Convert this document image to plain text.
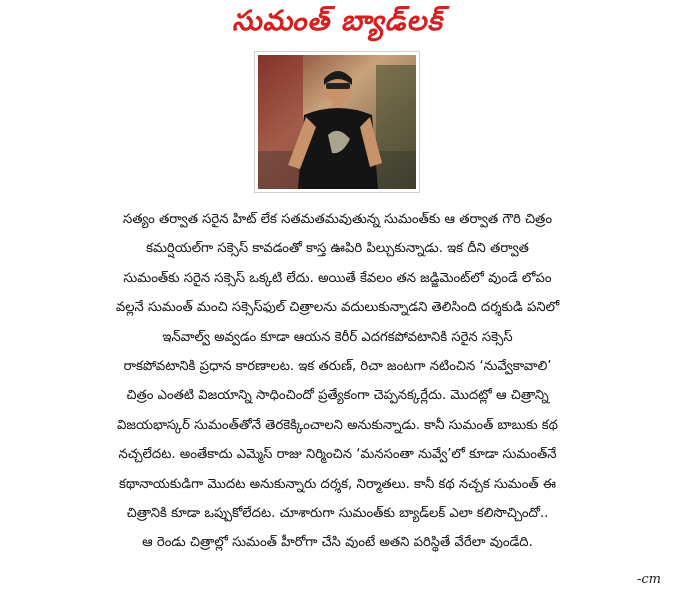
సుమంత్ బ్యాడ్‌లక్
సత్యం తర్వాత సరైన హిట్ లేక సతమతమవుతున్న సుమంత్‌కు ఆ తర్వాత గౌరి చిత్రం
కమర్షియల్‌గా సక్సెస్ కావడంతో కాస్త ఊపిరి పిల్చుకున్నాడు. ఇక దీని తర్వాత
సుమంత్‌కు సరైన సక్సెస్ ఒక్కటి లేదు. అయితే కేవలం తన జడ్జిమెంట్‌లో వుండే లోపం
వల్లనే సుమంత్ మంచి సక్సెస్‌ఫుల్ చిత్రాలను వదులుకున్నాడని తెలిసింది దర్శకుడి పనిలో
ఇన్‌వాల్వ్ అవ్వడం కూడా ఆయన కెరీర్ ఎదగకపోవటానికి సరైన సక్సెస్
రాకపోవటానికి ప్రధాన కారణాలట. ఇక తరుణ్, రిచా జంటగా నటించిన ‘నువ్వేకావాలి’
చిత్రం ఎంతటి విజయాన్ని సాధించిందో ప్రత్యేకంగా చెప్పనక్కర్లేదు. మొదట్లో ఆ చిత్రాన్ని
విజయభాస్కర్ సుమంత్‌తోనే తెరకెక్కించాలని అనుకున్నాడు. కానీ సుమంత్ బాబుకు కథ
నచ్చలేదట. అంతేకాదు ఎమ్మెస్ రాజు నిర్మించిన ‘మనసంతా నువ్వే’లో కూడా సుమంత్‌నే
కథానాయకుడిగా మొదట అనుకున్నారు దర్శక, నిర్మాతలు. కానీ కథ నచ్చక సుమంత్ ఈ
చిత్రానికి కూడా ఒప్పుకోలేదట. చూశారుగా సుమంత్‌కు బ్యాడ్‌లక్ ఎలా కలిసొచ్చిందో..
ఆ రెండు చిత్రాల్లో సుమంత్ హీరోగా చేసి వుంటే అతని పరిస్థితే వేరేలా వుండేది.
-cm
